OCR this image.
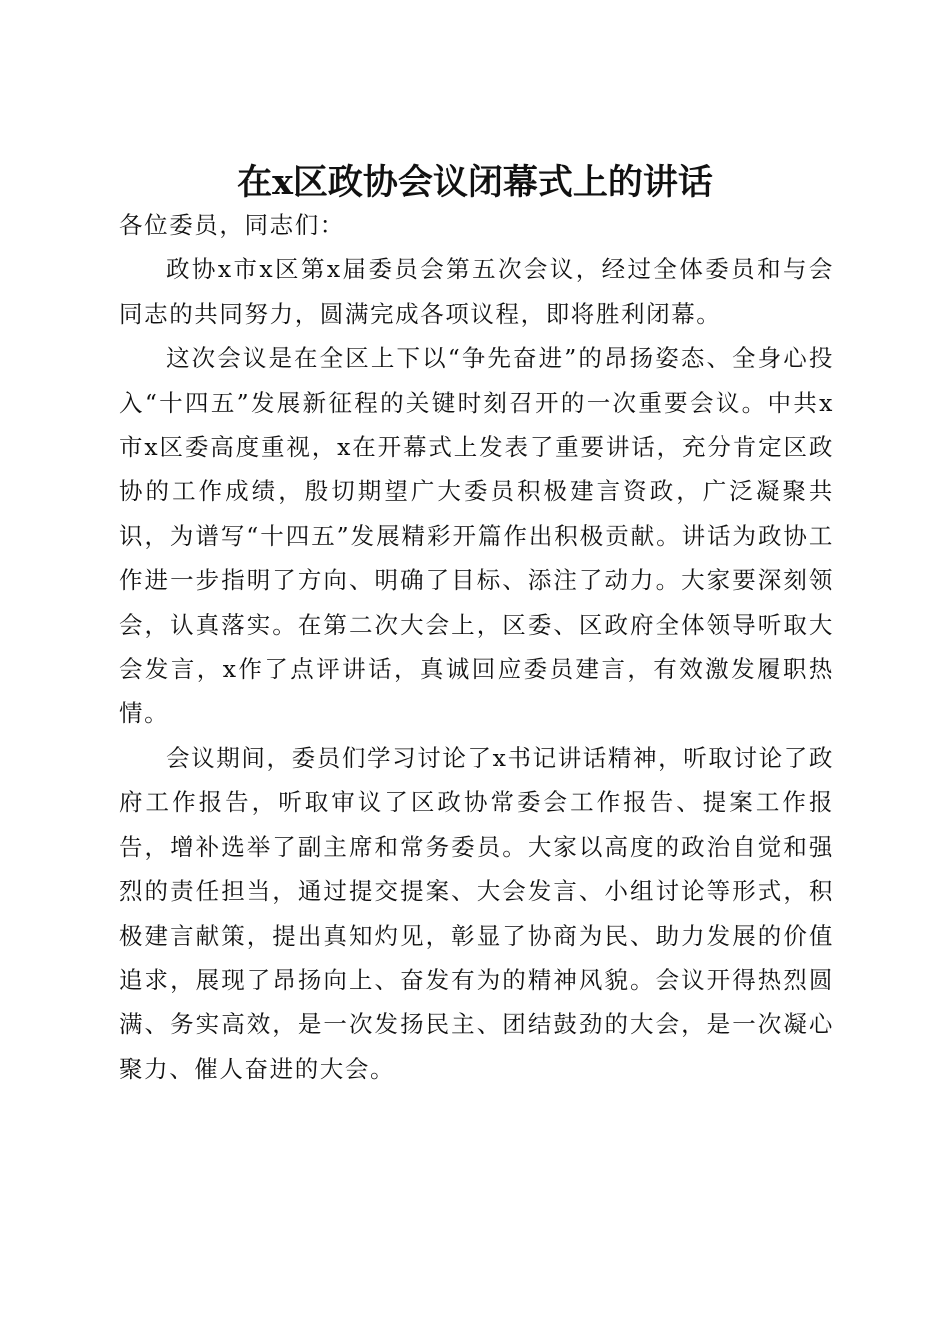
在x区政协会议闭幕式上的讲话

各位委员，同志们：

政协x市x区第x届委员会第五次会议，经过全体委员和与会同志的共同努力，圆满完成各项议程，即将胜利闭幕。

这次会议是在全区上下以“争先奋进”的昂扬姿态、全身心投入“十四五”发展新征程的关键时刻召开的一次重要会议。中共x市x区委高度重视，x在开幕式上发表了重要讲话，充分肯定区政协的工作成绩，殷切期望广大委员积极建言资政，广泛凝聚共识，为谱写“十四五”发展精彩开篇作出积极贡献。讲话为政协工作进一步指明了方向、明确了目标、添注了动力。大家要深刻领会，认真落实。在第二次大会上，区委、区政府全体领导听取大会发言，x作了点评讲话，真诚回应委员建言，有效激发履职热情。

会议期间，委员们学习讨论了x书记讲话精神，听取讨论了政府工作报告，听取审议了区政协常委会工作报告、提案工作报告，增补选举了副主席和常务委员。大家以高度的政治自觉和强烈的责任担当，通过提交提案、大会发言、小组讨论等形式，积极建言献策，提出真知灼见，彰显了协商为民、助力发展的价值追求，展现了昂扬向上、奋发有为的精神风貌。会议开得热烈圆满、务实高效，是一次发扬民主、团结鼓劲的大会，是一次凝心聚力、催人奋进的大会。
